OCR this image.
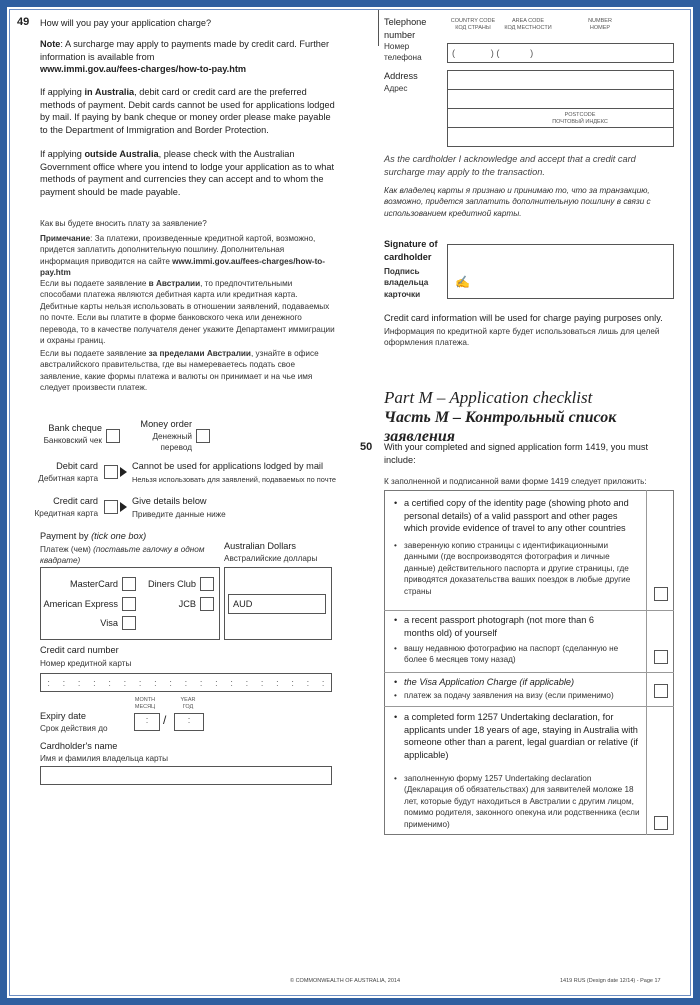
49 How will you pay your application charge?
Note: A surcharge may apply to payments made by credit card. Further information is available from
www.immi.gov.au/fees-charges/how-to-pay.htm
If applying in Australia, debit card or credit card are the preferred methods of payment. Debit cards cannot be used for applications lodged by mail. If paying by bank cheque or money order please make payable to the Department of Immigration and Border Protection.
If applying outside Australia, please check with the Australian Government office where you intend to lodge your application as to what methods of payment and currencies they can accept and to whom the payment should be made payable.
Как вы будете вносить плату за заявление?
Примечание: За платежи, произведенные кредитной картой, возможно, придется заплатить дополнительную пошлину. Дополнительная информация приводится на сайте www.immi.gov.au/fees-charges/how-to-pay.htm
Если вы подаете заявление в Австралии, то предпочтительными способами платежа являются дебитная карта или кредитная карта. Дебитные карты нельзя использовать в отношении заявлений, подаваемых по почте. Если вы платите в форме банковского чека или денежного перевода, то в качестве получателя денег укажите Департамент иммиграции и охраны границ.
Если вы подаете заявление за пределами Австралии, узнайте в офисе австралийского правительства, где вы намереваетесь подать свое заявление, какие формы платежа и валюты он принимает и на чье имя следует произвести платеж.
Bank cheque
Банковский чек
Money order
Денежный
перевод
Debit card
Дебитная карта
Cannot be used for applications lodged by mail
Нельзя использовать для заявлений, подаваемых по почте
Credit card
Кредитная карта
Give details below
Приведите данные ниже
Payment by (tick one box)
Платеж (чем) (поставьте галочку в одном квадрате)
MasterCard	Diners Club
American Express	JCB
Visa
Australian Dollars
Австралийские доллары
AUD
Credit card number
Номер кредитной карты
: : : : : : : : : : : : : : : : : : :
MONTH
МЕСЯЦ
YEAR
ГОД
Expiry date
Срок действия до
:	/	:
Cardholder's name
Имя и фамилия владельца карты
Telephone number
Номер телефона
COUNTRY CODE
КОД СТРАНЫ
AREA CODE
КОД МЕСТНОСТИ
NUMBER
НОМЕР
(              ) (            )
Address
Адрес
POSTCODE
ПОЧТОВЫЙ ИНДЕКС
As the cardholder I acknowledge and accept that a credit card surcharge may apply to the transaction.
Как владелец карты я признаю и принимаю то, что за транзакцию, возможно, придется заплатить дополнительную пошлину в связи с использованием кредитной карты.
Signature of cardholder
Подпись владельца карточки
✍
Credit card information will be used for charge paying purposes only.
Информация по кредитной карте будет использоваться лишь для целей оформления платежа.
Part M – Application checklist
Часть М – Контрольный список заявления
50 With your completed and signed application form 1419, you must include:
К заполненной и подписанной вами форме 1419 следует приложить:
• a certified copy of the identity page (showing photo and personal details) of a valid passport and other pages which provide evidence of travel to any other countries
• заверенную копию страницы с идентификационными данными (где воспроизводятся фотография и личные данные) действительного паспорта и другие страницы, где приводятся доказательства ваших поездок в любые другие страны
• a recent passport photograph (not more than 6 months old) of yourself
• вашу недавнюю фотографию на паспорт (сделанную не более 6 месяцев тому назад)
• the Visa Application Charge (if applicable)
• платеж за подачу заявления на визу (если применимо)
• a completed form 1257 Undertaking declaration, for applicants under 18 years of age, staying in Australia with someone other than a parent, legal guardian or relative (if applicable)
• заполненную форму 1257 Undertaking declaration (Декларация об обязательствах) для заявителей моложе 18 лет, которые будут находиться в Австралии с другим лицом, помимо родителя, законного опекуна или родственника (если применимо)
© COMMONWEALTH OF AUSTRALIA, 2014	1419 RUS (Design date 12/14) - Page 17
